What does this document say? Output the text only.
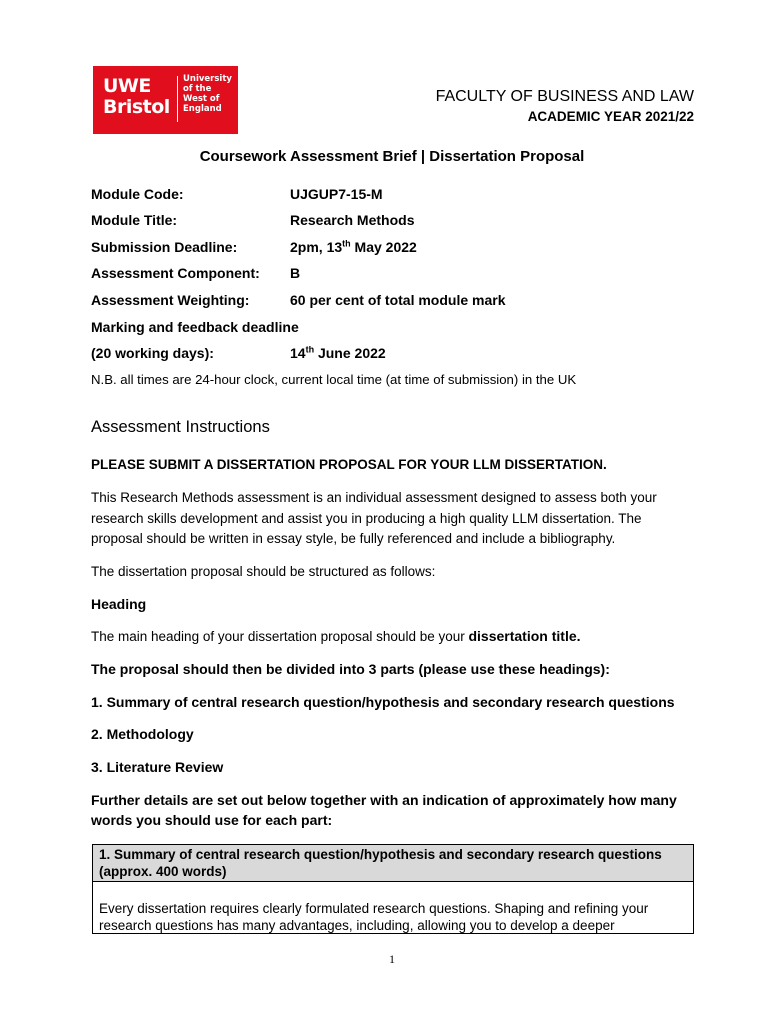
UWE
Bristol
University
of the
West of
England
FACULTY OF BUSINESS AND LAW
ACADEMIC YEAR 2021/22
Coursework Assessment Brief | Dissertation Proposal
Module Code:	UJGUP7-15-M
Module Title:	Research Methods
Submission Deadline:	2pm, 13th May 2022
Assessment Component: B
Assessment Weighting:	60 per cent of total module mark
Marking and feedback deadline
(20 working days):	14th June 2022
N.B. all times are 24-hour clock, current local time (at time of submission) in the UK
Assessment Instructions
PLEASE SUBMIT A DISSERTATION PROPOSAL FOR YOUR LLM DISSERTATION.
This Research Methods assessment is an individual assessment designed to assess both your research skills development and assist you in producing a high quality LLM dissertation. The proposal should be written in essay style, be fully referenced and include a bibliography.
The dissertation proposal should be structured as follows:
Heading
The main heading of your dissertation proposal should be your dissertation title.
The proposal should then be divided into 3 parts (please use these headings):
1. Summary of central research question/hypothesis and secondary research questions
2. Methodology
3. Literature Review
Further details are set out below together with an indication of approximately how many
words you should use for each part:
1. Summary of central research question/hypothesis and secondary research questions
(approx. 400 words)
Every dissertation requires clearly formulated research questions. Shaping and refining your
research questions has many advantages, including, allowing you to develop a deeper
1
